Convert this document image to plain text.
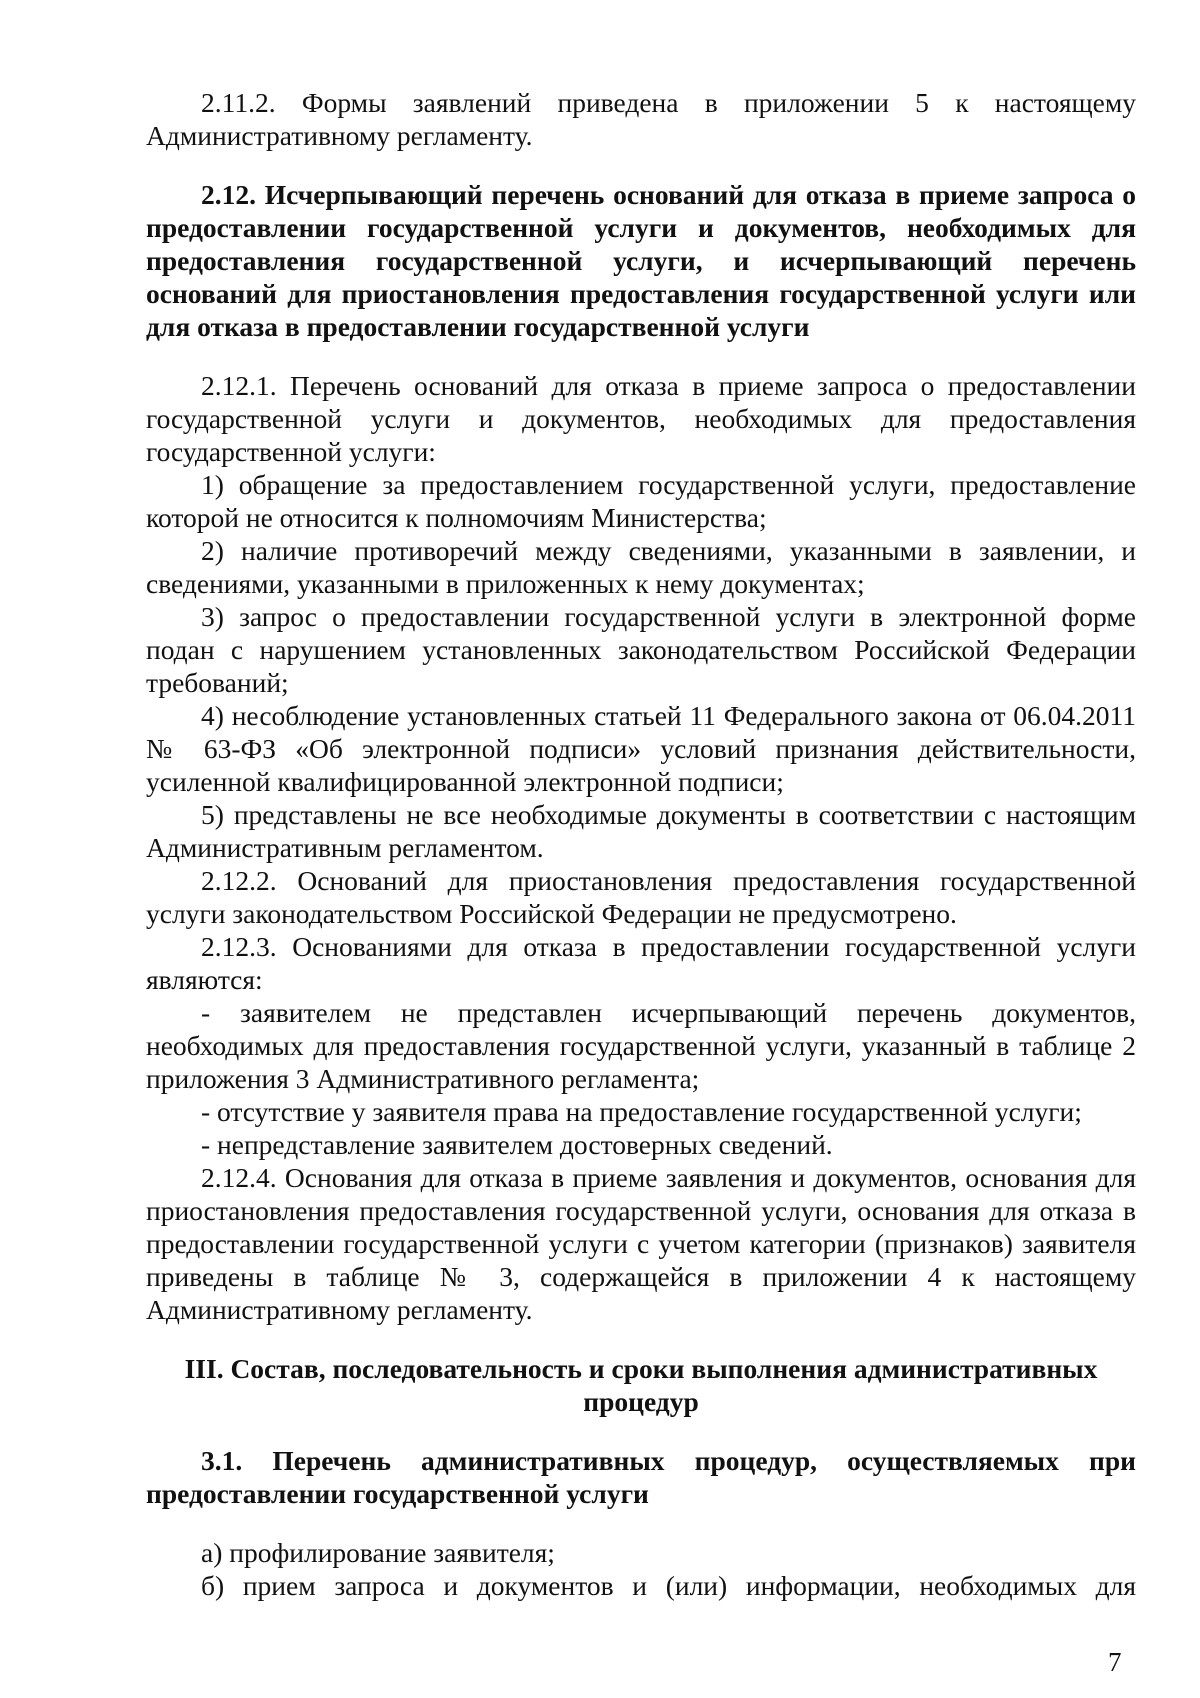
2.11.2. Формы заявлений приведена в приложении 5 к настоящему Административному регламенту.

2.12. Исчерпывающий перечень оснований для отказа в приеме запроса о предоставлении государственной услуги и документов, необходимых для предоставления государственной услуги, и исчерпывающий перечень оснований для приостановления предоставления государственной услуги или для отказа в предоставлении государственной услуги

2.12.1. Перечень оснований для отказа в приеме запроса о предоставлении государственной услуги и документов, необходимых для предоставления государственной услуги:

1) обращение за предоставлением государственной услуги, предоставление которой не относится к полномочиям Министерства;

2) наличие противоречий между сведениями, указанными в заявлении, и сведениями, указанными в приложенных к нему документах;

3) запрос о предоставлении государственной услуги в электронной форме подан с нарушением установленных законодательством Российской Федерации требований;

4) несоблюдение установленных статьей 11 Федерального закона от 06.04.2011 № 63-ФЗ «Об электронной подписи» условий признания действительности, усиленной квалифицированной электронной подписи;

5) представлены не все необходимые документы в соответствии с настоящим Административным регламентом.

2.12.2. Оснований для приостановления предоставления государственной услуги законодательством Российской Федерации не предусмотрено.

2.12.3. Основаниями для отказа в предоставлении государственной услуги являются:

- заявителем не представлен исчерпывающий перечень документов, необходимых для предоставления государственной услуги, указанный в таблице 2 приложения 3 Административного регламента;

- отсутствие у заявителя права на предоставление государственной услуги;

- непредставление заявителем достоверных сведений.

2.12.4. Основания для отказа в приеме заявления и документов, основания для приостановления предоставления государственной услуги, основания для отказа в предоставлении государственной услуги с учетом категории (признаков) заявителя приведены в таблице № 3, содержащейся в приложении 4 к настоящему Административному регламенту.

III. Состав, последовательность и сроки выполнения административных процедур

3.1. Перечень административных процедур, осуществляемых при предоставлении государственной услуги

а) профилирование заявителя;

б) прием запроса и документов и (или) информации, необходимых для

7
